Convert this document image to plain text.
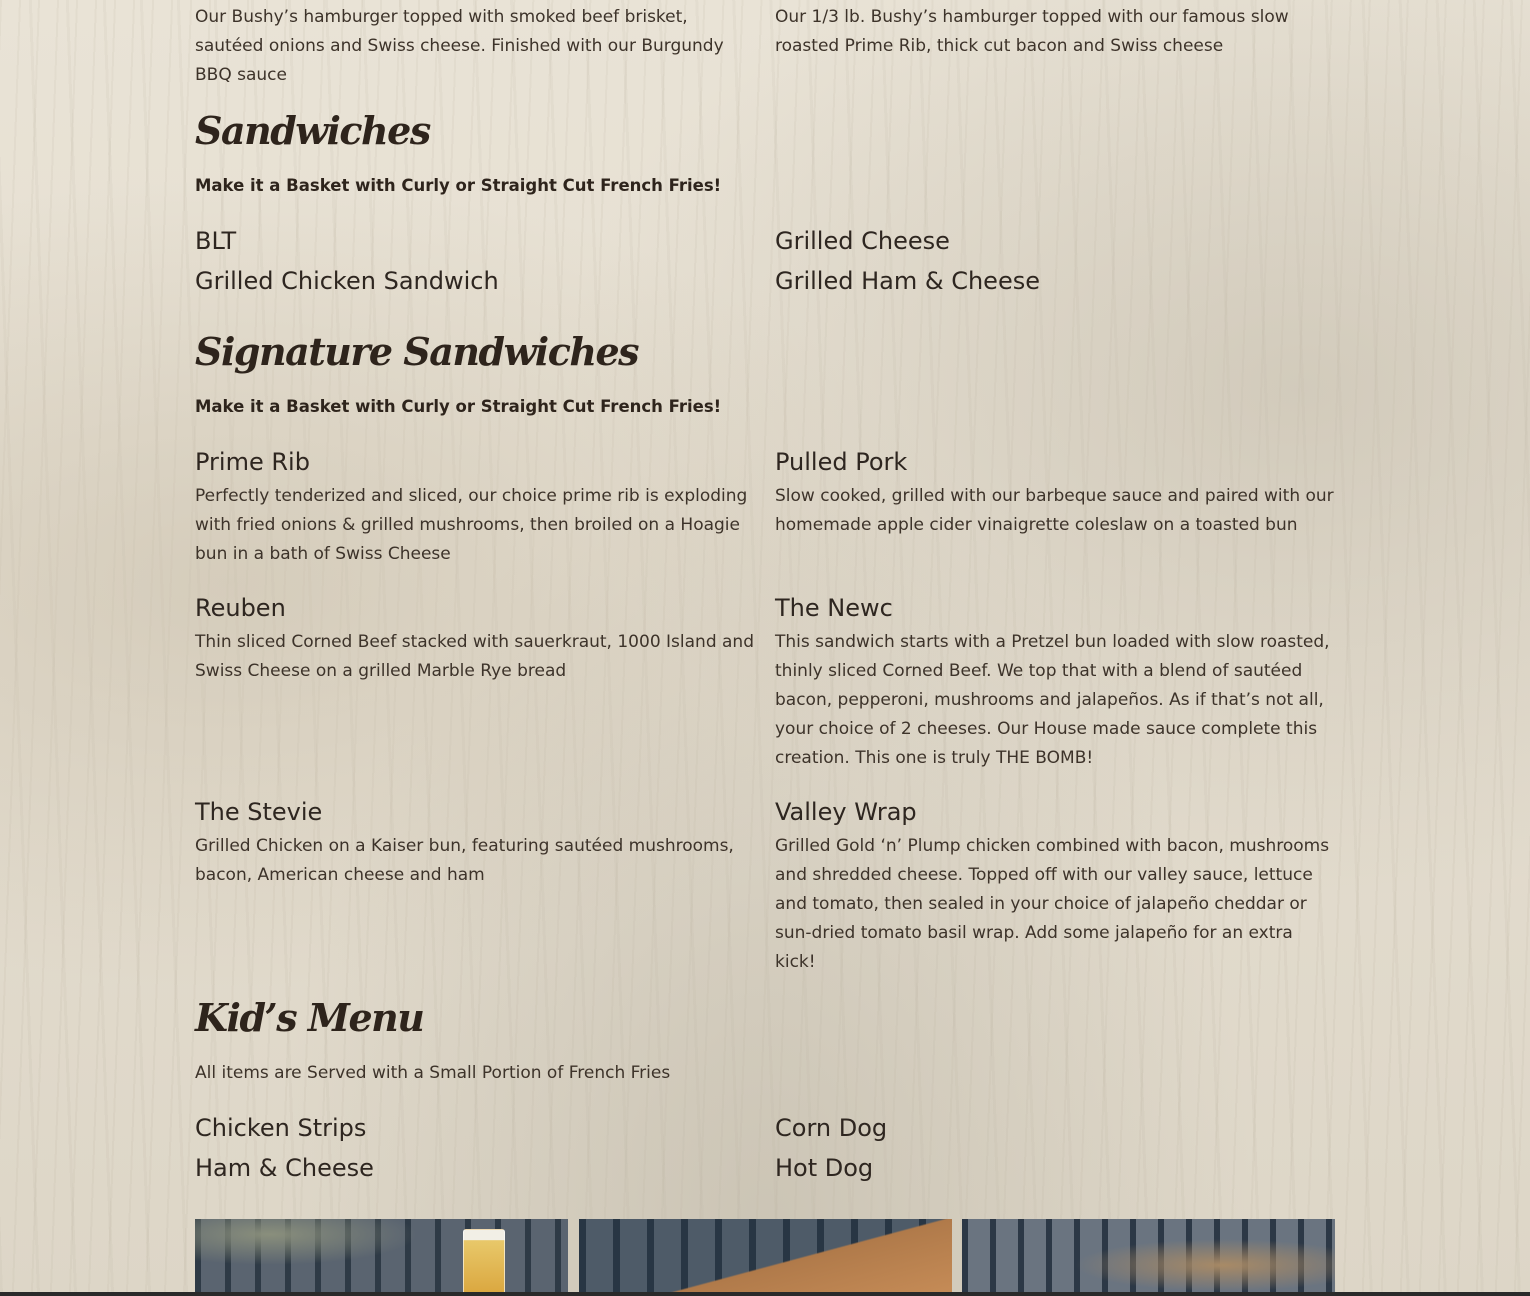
Our Bushy’s hamburger topped with smoked beef brisket, sautéed onions and Swiss cheese. Finished with our Burgundy BBQ sauce

Our 1/3 lb. Bushy’s hamburger topped with our famous slow roasted Prime Rib, thick cut bacon and Swiss cheese

Sandwiches

Make it a Basket with Curly or Straight Cut French Fries!

BLT

Grilled Chicken Sandwich

Grilled Cheese

Grilled Ham & Cheese

Signature Sandwiches

Make it a Basket with Curly or Straight Cut French Fries!

Prime Rib

Perfectly tenderized and sliced, our choice prime rib is exploding with fried onions & grilled mushrooms, then broiled on a Hoagie bun in a bath of Swiss Cheese

Pulled Pork

Slow cooked, grilled with our barbeque sauce and paired with our homemade apple cider vinaigrette coleslaw on a toasted bun

Reuben

Thin sliced Corned Beef stacked with sauerkraut, 1000 Island and Swiss Cheese on a grilled Marble Rye bread

The Newc

This sandwich starts with a Pretzel bun loaded with slow roasted, thinly sliced Corned Beef. We top that with a blend of sautéed bacon, pepperoni, mushrooms and jalapeños. As if that’s not all, your choice of 2 cheeses. Our House made sauce complete this creation. This one is truly THE BOMB!

The Stevie

Grilled Chicken on a Kaiser bun, featuring sautéed mushrooms, bacon, American cheese and ham

Valley Wrap

Grilled Gold ‘n’ Plump chicken combined with bacon, mushrooms and shredded cheese. Topped off with our valley sauce, lettuce and tomato, then sealed in your choice of jalapeño cheddar or sun-dried tomato basil wrap. Add some jalapeño for an extra kick!

Kid’s Menu

All items are Served with a Small Portion of French Fries

Chicken Strips

Ham & Cheese

Corn Dog

Hot Dog
